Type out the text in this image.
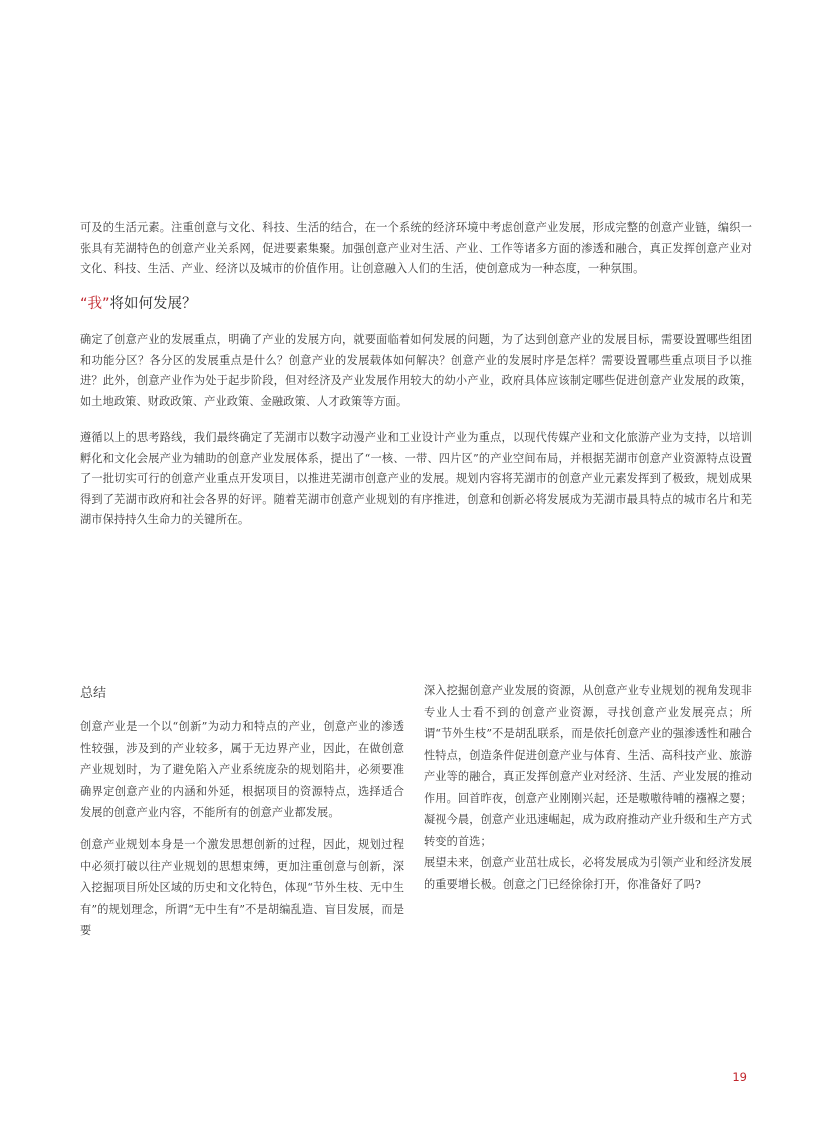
可及的生活元素。注重创意与文化、科技、生活的结合，在一个系统的经济环境中考虑创意产业发展，形成完整的创意产业链，编织一张具有芜湖特色的创意产业关系网，促进要素集聚。加强创意产业对生活、产业、工作等诸多方面的渗透和融合，真正发挥创意产业对文化、科技、生活、产业、经济以及城市的价值作用。让创意融入人们的生活，使创意成为一种态度，一种氛围。

“我”将如何发展？

确定了创意产业的发展重点，明确了产业的发展方向，就要面临着如何发展的问题，为了达到创意产业的发展目标，需要设置哪些组团和功能分区？各分区的发展重点是什么？创意产业的发展载体如何解决？创意产业的发展时序是怎样？需要设置哪些重点项目予以推进？此外，创意产业作为处于起步阶段，但对经济及产业发展作用较大的幼小产业，政府具体应该制定哪些促进创意产业发展的政策，如土地政策、财政政策、产业政策、金融政策、人才政策等方面。

遵循以上的思考路线，我们最终确定了芜湖市以数字动漫产业和工业设计产业为重点，以现代传媒产业和文化旅游产业为支持，以培训孵化和文化会展产业为辅助的创意产业发展体系，提出了“一核、一带、四片区”的产业空间布局，并根据芜湖市创意产业资源特点设置了一批切实可行的创意产业重点开发项目，以推进芜湖市创意产业的发展。规划内容将芜湖市的创意产业元素发挥到了极致，规划成果得到了芜湖市政府和社会各界的好评。随着芜湖市创意产业规划的有序推进，创意和创新必将发展成为芜湖市最具特点的城市名片和芜湖市保持持久生命力的关键所在。

总结

创意产业是一个以“创新”为动力和特点的产业，创意产业的渗透性较强，涉及到的产业较多，属于无边界产业，因此，在做创意产业规划时，为了避免陷入产业系统庞杂的规划陷井，必须要准确界定创意产业的内涵和外延，根据项目的资源特点，选择适合发展的创意产业内容，不能所有的创意产业都发展。

创意产业规划本身是一个激发思想创新的过程，因此，规划过程中必须打破以往产业规划的思想束缚，更加注重创意与创新，深入挖掘项目所处区域的历史和文化特色，体现“节外生枝、无中生有”的规划理念，所谓“无中生有”不是胡编乱造、盲目发展，而是要

深入挖掘创意产业发展的资源，从创意产业专业规划的视角发现非专业人士看不到的创意产业资源，寻找创意产业发展亮点；所谓“节外生枝”不是胡乱联系，而是依托创意产业的强渗透性和融合性特点，创造条件促进创意产业与体育、生活、高科技产业、旅游产业等的融合，真正发挥创意产业对经济、生活、产业发展的推动作用。回首昨夜，创意产业刚刚兴起，还是嗷嗷待哺的襁褓之婴；凝视今晨，创意产业迅速崛起，成为政府推动产业升级和生产方式转变的首选；

展望未来，创意产业茁壮成长，必将发展成为引领产业和经济发展的重要增长极。创意之门已经徐徐打开，你准备好了吗?

19
